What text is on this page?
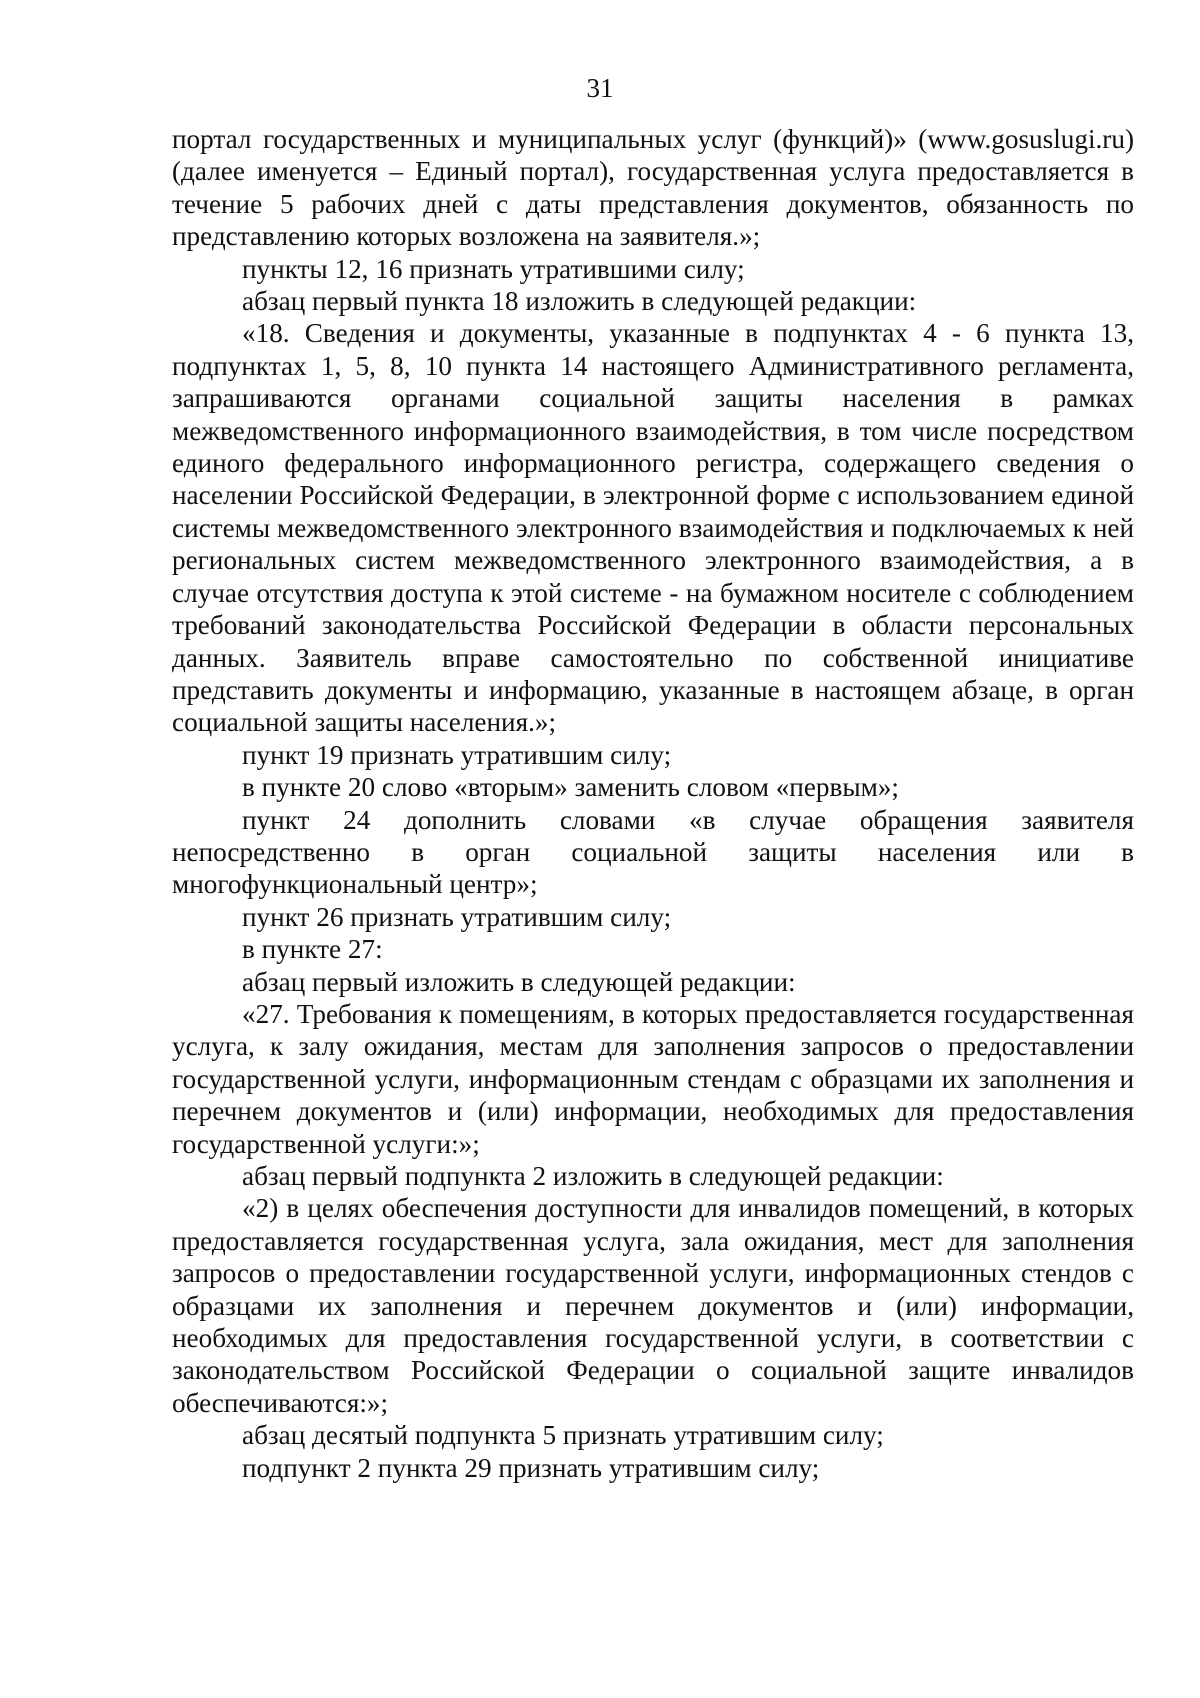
31

портал государственных и муниципальных услуг (функций)» (www.gosuslugi.ru) (далее именуется – Единый портал), государственная услуга предоставляется в течение 5 рабочих дней с даты представления документов, обязанность по представлению которых возложена на заявителя.»;

пункты 12, 16 признать утратившими силу;

абзац первый пункта 18 изложить в следующей редакции:

«18. Сведения и документы, указанные в подпунктах 4 - 6 пункта 13, подпунктах 1, 5, 8, 10 пункта 14 настоящего Административного регламента, запрашиваются органами социальной защиты населения в рамках межведомственного информационного взаимодействия, в том числе посредством единого федерального информационного регистра, содержащего сведения о населении Российской Федерации, в электронной форме с использованием единой системы межведомственного электронного взаимодействия и подключаемых к ней региональных систем межведомственного электронного взаимодействия, а в случае отсутствия доступа к этой системе - на бумажном носителе с соблюдением требований законодательства Российской Федерации в области персональных данных. Заявитель вправе самостоятельно по собственной инициативе представить документы и информацию, указанные в настоящем абзаце, в орган социальной защиты населения.»;

пункт 19 признать утратившим силу;

в пункте 20 слово «вторым» заменить словом «первым»;

пункт 24 дополнить словами «в случае обращения заявителя непосредственно в орган социальной защиты населения или в многофункциональный центр»;

пункт 26 признать утратившим силу;

в пункте 27:

абзац первый изложить в следующей редакции:

«27. Требования к помещениям, в которых предоставляется государственная услуга, к залу ожидания, местам для заполнения запросов о предоставлении государственной услуги, информационным стендам с образцами их заполнения и перечнем документов и (или) информации, необходимых для предоставления государственной услуги:»;

абзац первый подпункта 2 изложить в следующей редакции:

«2) в целях обеспечения доступности для инвалидов помещений, в которых предоставляется государственная услуга, зала ожидания, мест для заполнения запросов о предоставлении государственной услуги, информационных стендов с образцами их заполнения и перечнем документов и (или) информации, необходимых для предоставления государственной услуги, в соответствии с законодательством Российской Федерации о социальной защите инвалидов обеспечиваются:»;

абзац десятый подпункта 5 признать утратившим силу;

подпункт 2 пункта 29 признать утратившим силу;
